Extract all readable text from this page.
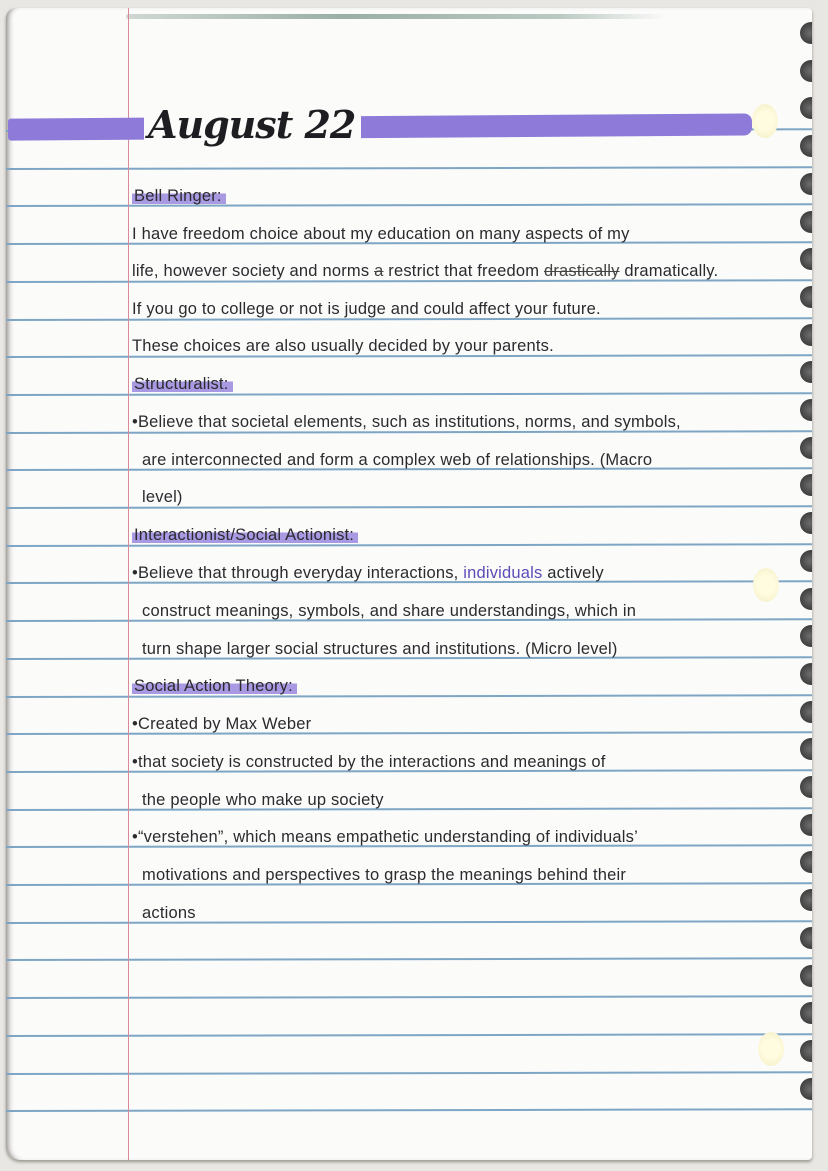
August 22
Bell Ringer:
I have freedom choice about my education on many aspects of my
life, however society and norms a restrict that freedom drastically dramatically.
If you go to college or not is judge and could affect your future.
These choices are also usually decided by your parents.
Structuralist:
•Believe that societal elements, such as institutions, norms, and symbols,
are interconnected and form a complex web of relationships. (Macro
level)
Interactionist/Social Actionist:
•Believe that through everyday interactions, individuals actively
construct meanings, symbols, and share understandings, which in
turn shape larger social structures and institutions. (Micro level)
Social Action Theory:
•Created by Max Weber
•that society is constructed by the interactions and meanings of
the people who make up society
•“verstehen”, which means empathetic understanding of individuals’
motivations and perspectives to grasp the meanings behind their
actions
